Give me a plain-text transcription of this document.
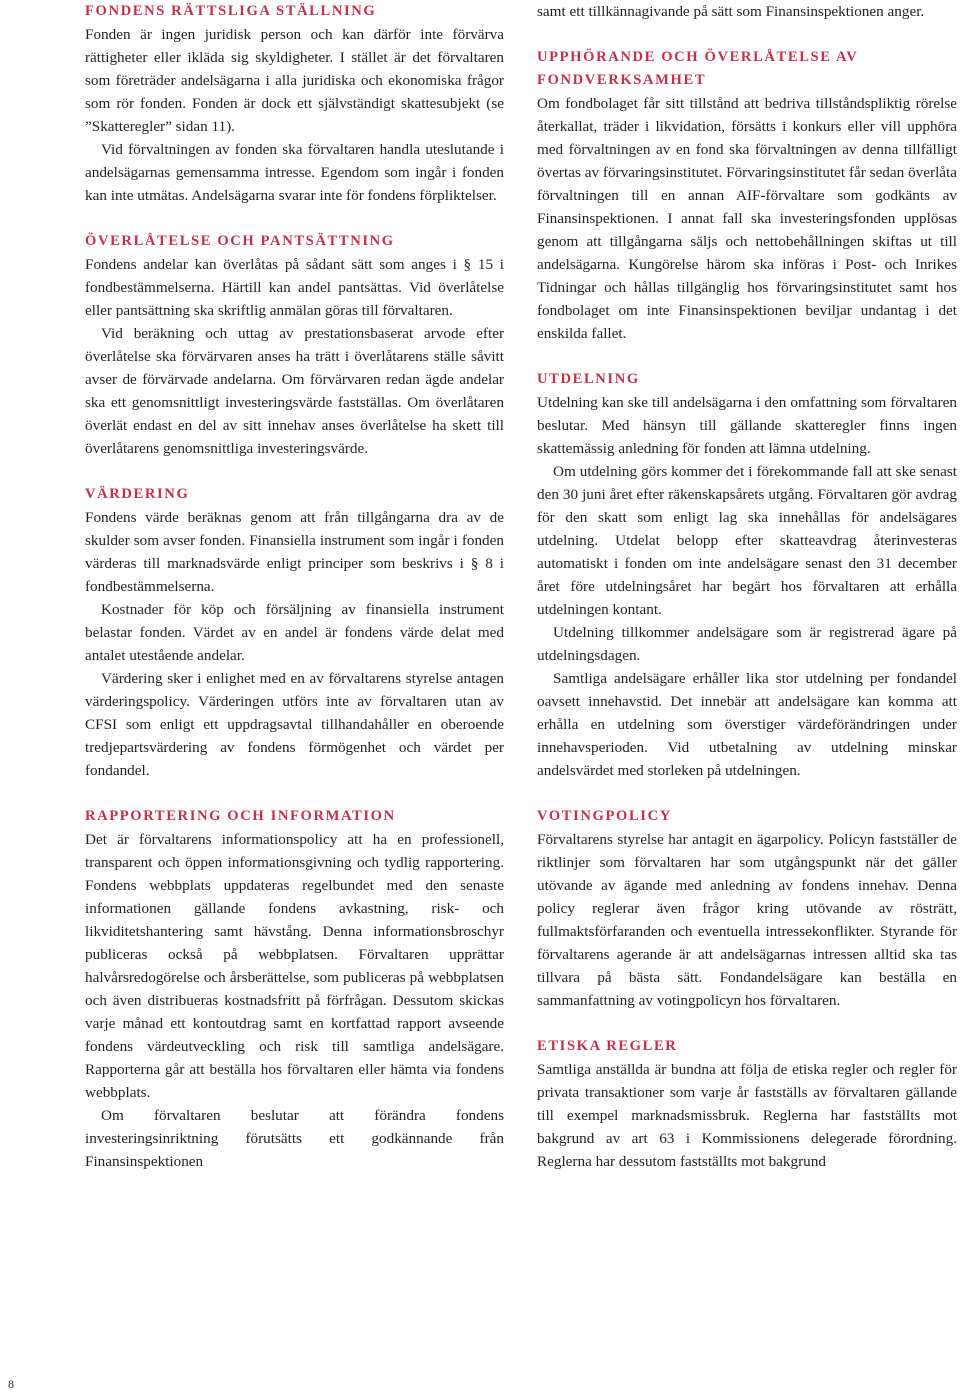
FONDENS RÄTTSLIGA STÄLLNING

Fonden är ingen juridisk person och kan därför inte förvärva rättigheter eller ikläda sig skyldigheter. I stället är det förvaltaren som företräder andelsägarna i alla juridiska och ekonomiska frågor som rör fonden. Fonden är dock ett självständigt skattesubjekt (se ”Skatteregler” sidan 11).

Vid förvaltningen av fonden ska förvaltaren handla uteslutande i andelsägarnas gemensamma intresse. Egendom som ingår i fonden kan inte utmätas. Andelsägarna svarar inte för fondens förpliktelser.

ÖVERLÅTELSE OCH PANTSÄTTNING

Fondens andelar kan överlåtas på sådant sätt som anges i § 15 i fondbestämmelserna. Härtill kan andel pantsättas. Vid överlåtelse eller pantsättning ska skriftlig anmälan göras till förvaltaren.

Vid beräkning och uttag av prestationsbaserat arvode efter överlåtelse ska förvärvaren anses ha trätt i överlåtarens ställe såvitt avser de förvärvade andelarna. Om förvärvaren redan ägde andelar ska ett genomsnittligt investeringsvärde fastställas. Om överlåtaren överlät endast en del av sitt innehav anses överlåtelse ha skett till överlåtarens genomsnittliga investeringsvärde.

VÄRDERING

Fondens värde beräknas genom att från tillgångarna dra av de skulder som avser fonden. Finansiella instrument som ingår i fonden värderas till marknadsvärde enligt principer som beskrivs i § 8 i fondbestämmelserna.

Kostnader för köp och försäljning av finansiella instrument belastar fonden. Värdet av en andel är fondens värde delat med antalet utestående andelar.

Värdering sker i enlighet med en av förvaltarens styrelse antagen värderingspolicy. Värderingen utförs inte av förvaltaren utan av CFSI som enligt ett uppdragsavtal tillhandahåller en oberoende tredjepartsvärdering av fondens förmögenhet och värdet per fondandel.

RAPPORTERING OCH INFORMATION

Det är förvaltarens informationspolicy att ha en professionell, transparent och öppen informationsgivning och tydlig rapportering. Fondens webbplats uppdateras regelbundet med den senaste informationen gällande fondens avkastning, risk- och likviditetshantering samt hävstång. Denna informationsbroschyr publiceras också på webbplatsen. Förvaltaren upprättar halvårsredogörelse och årsberättelse, som publiceras på webbplatsen och även distribueras kostnadsfritt på förfrågan. Dessutom skickas varje månad ett kontoutdrag samt en kortfattad rapport avseende fondens värdeutveckling och risk till samtliga andelsägare. Rapporterna går att beställa hos förvaltaren eller hämta via fondens webbplats.

Om förvaltaren beslutar att förändra fondens investeringsinriktning förutsätts ett godkännande från Finansinspektionen

samt ett tillkännagivande på sätt som Finansinspektionen anger.

UPPHÖRANDE OCH ÖVERLÅTELSE AV FONDVERKSAMHET

Om fondbolaget får sitt tillstånd att bedriva tillståndspliktig rörelse återkallat, träder i likvidation, försätts i konkurs eller vill upphöra med förvaltningen av en fond ska förvaltningen av denna tillfälligt övertas av förvaringsinstitutet. Förvaringsinstitutet får sedan överlåta förvaltningen till en annan AIF-förvaltare som godkänts av Finansinspektionen. I annat fall ska investeringsfonden upplösas genom att tillgångarna säljs och nettobehållningen skiftas ut till andelsägarna. Kungörelse härom ska införas i Post- och Inrikes Tidningar och hållas tillgänglig hos förvaringsinstitutet samt hos fondbolaget om inte Finansinspektionen beviljar undantag i det enskilda fallet.

UTDELNING

Utdelning kan ske till andelsägarna i den omfattning som förvaltaren beslutar. Med hänsyn till gällande skatteregler finns ingen skattemässig anledning för fonden att lämna utdelning.

Om utdelning görs kommer det i förekommande fall att ske senast den 30 juni året efter räkenskapsårets utgång. Förvaltaren gör avdrag för den skatt som enligt lag ska innehållas för andelsägares utdelning. Utdelat belopp efter skatteavdrag återinvesteras automatiskt i fonden om inte andelsägare senast den 31 december året före utdelningsåret har begärt hos förvaltaren att erhålla utdelningen kontant.

Utdelning tillkommer andelsägare som är registrerad ägare på utdelningsdagen.

Samtliga andelsägare erhåller lika stor utdelning per fondandel oavsett innehavstid. Det innebär att andelsägare kan komma att erhålla en utdelning som överstiger värdeförändringen under innehavsperioden. Vid utbetalning av utdelning minskar andelsvärdet med storleken på utdelningen.

VOTINGPOLICY

Förvaltarens styrelse har antagit en ägarpolicy. Policyn fastställer de riktlinjer som förvaltaren har som utgångspunkt när det gäller utövande av ägande med anledning av fondens innehav. Denna policy reglerar även frågor kring utövande av rösträtt, fullmaktsförfaranden och eventuella intressekonflikter. Styrande för förvaltarens agerande är att andelsägarnas intressen alltid ska tas tillvara på bästa sätt. Fondandelsägare kan beställa en sammanfattning av votingpolicyn hos förvaltaren.

ETISKA REGLER

Samtliga anställda är bundna att följa de etiska regler och regler för privata transaktioner som varje år fastställs av förvaltaren gällande till exempel marknadsmissbruk. Reglerna har fastställts mot bakgrund av art 63 i Kommissionens delegerade förordning. Reglerna har dessutom fastställts mot bakgrund

8
